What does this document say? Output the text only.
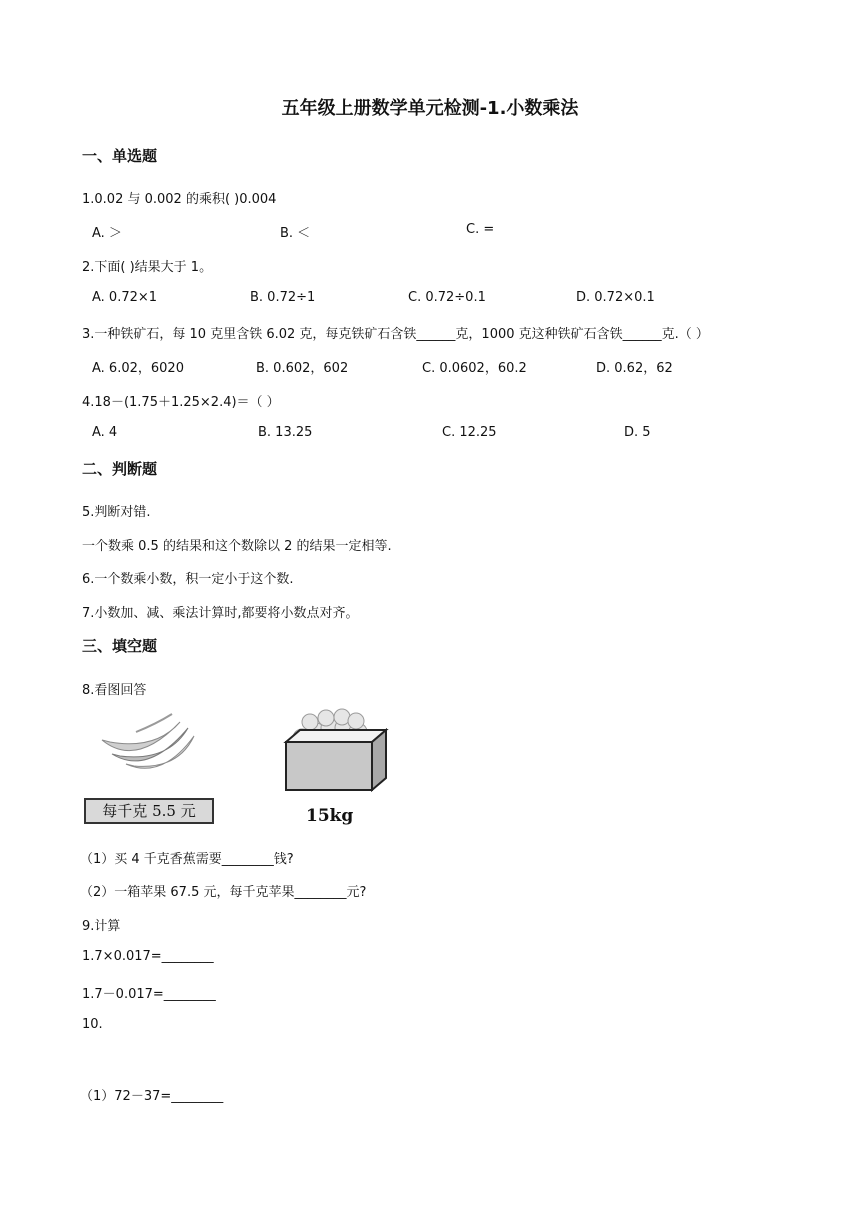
五年级上册数学单元检测-1.小数乘法
一、单选题
1.0.02 与 0.002 的乘积( )0.004
A. ＞	B. ＜	C. =
2.下面( )结果大于 1。
A. 0.72×1	B. 0.72÷1	C. 0.72÷0.1	D. 0.72×0.1
3.一种铁矿石，每 10 克里含铁 6.02 克，每克铁矿石含铁______克，1000 克这种铁矿石含铁______克.（ ）
A. 6.02，6020	B. 0.602，602	C. 0.0602，60.2	D. 0.62，62
4.18－(1.75＋1.25×2.4)＝（ ）
A. 4	B. 13.25	C. 12.25	D. 5
二、判断题
5.判断对错.
一个数乘 0.5 的结果和这个数除以 2 的结果一定相等.
6.一个数乘小数，积一定小于这个数.
7.小数加、减、乘法计算时,都要将小数点对齐。
三、填空题
8.看图回答
每千克 5.5 元	15kg
（1）买 4 千克香蕉需要________钱?
（2）一箱苹果 67.5 元，每千克苹果________元?
9.计算
1.7×0.017=________
1.7－0.017=________
10.
（1）72－37=________
